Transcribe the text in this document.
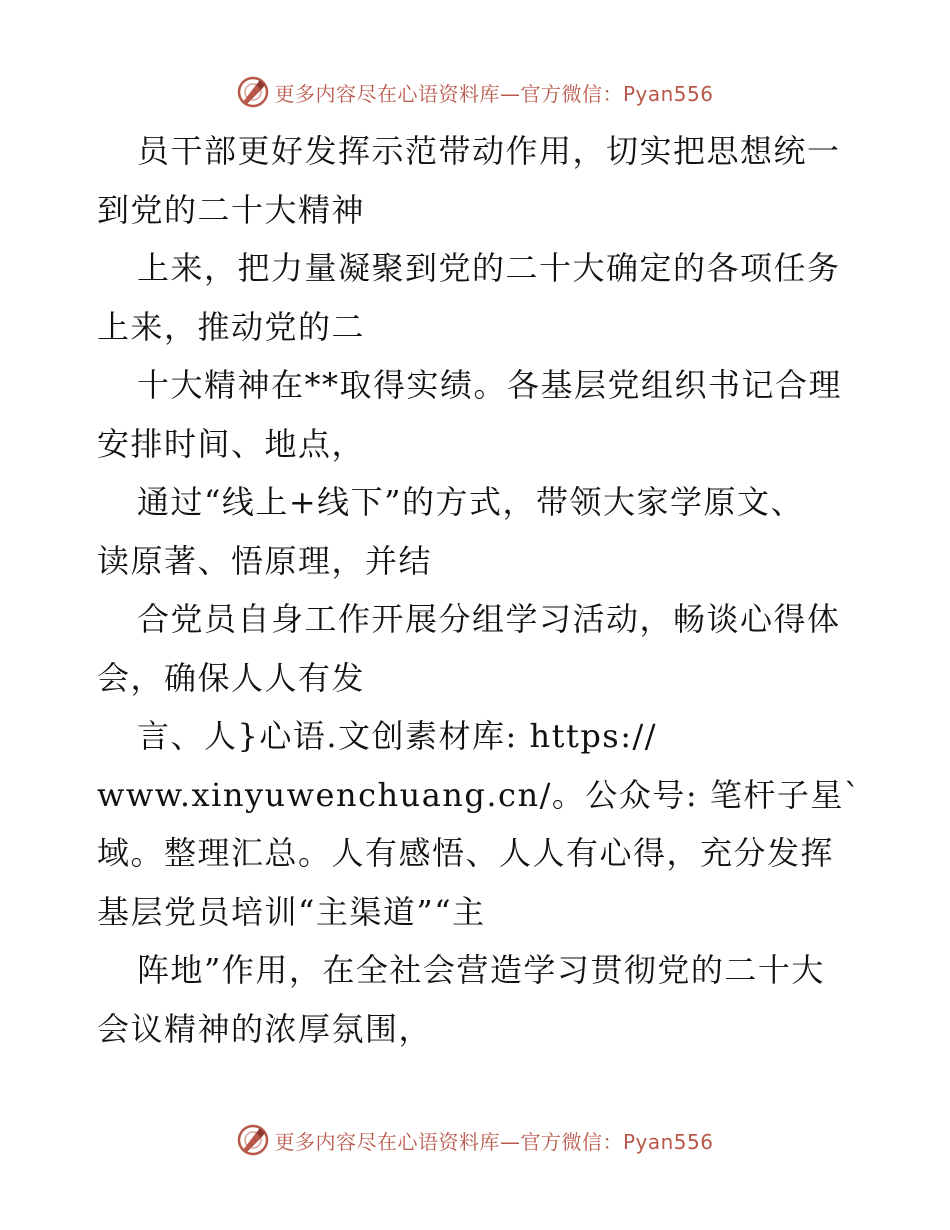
更多内容尽在心语资料库—官方微信：Pyan556
员干部更好发挥示范带动作用，切实把思想统一
到党的二十大精神
上来，把力量凝聚到党的二十大确定的各项任务
上来，推动党的二
十大精神在**取得实绩。各基层党组织书记合理
安排时间、地点，
通过“线上+线下”的方式，带领大家学原文、
读原著、悟原理，并结
合党员自身工作开展分组学习活动，畅谈心得体
会，确保人人有发
言、人}心语.文创素材库: https://
www.xinyuwenchuang.cn/。公众号: 笔杆子星`
域。整理汇总。人有感悟、人人有心得，充分发挥
基层党员培训“主渠道”“主
阵地”作用，在全社会营造学习贯彻党的二十大
会议精神的浓厚氛围，
更多内容尽在心语资料库—官方微信：Pyan556
